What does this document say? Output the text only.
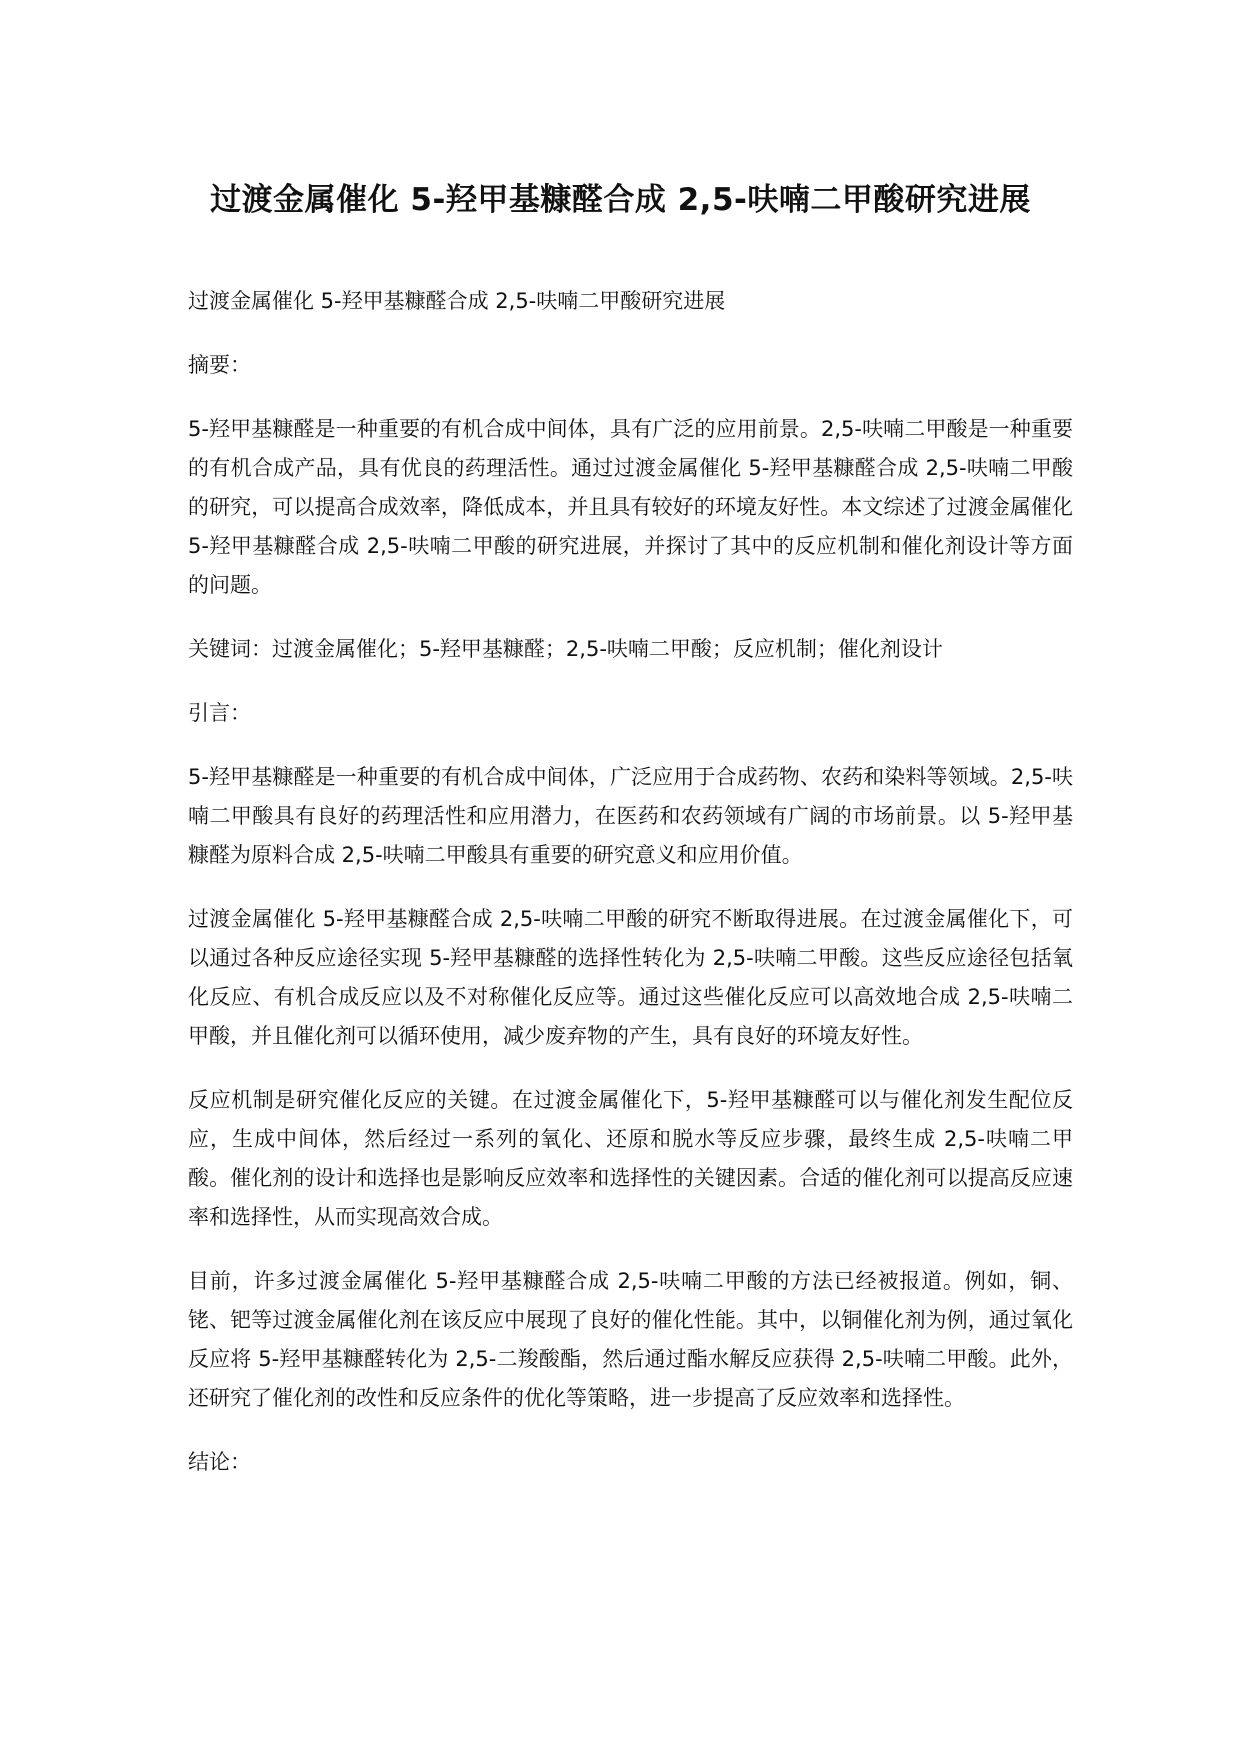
过渡金属催化 5-羟甲基糠醛合成 2,5-呋喃二甲酸研究进展

过渡金属催化 5-羟甲基糠醛合成 2,5-呋喃二甲酸研究进展

摘要：

5-羟甲基糠醛是一种重要的有机合成中间体，具有广泛的应用前景。2,5-呋喃二甲酸是一种重要的有机合成产品，具有优良的药理活性。通过过渡金属催化 5-羟甲基糠醛合成 2,5-呋喃二甲酸的研究，可以提高合成效率，降低成本，并且具有较好的环境友好性。本文综述了过渡金属催化 5-羟甲基糠醛合成 2,5-呋喃二甲酸的研究进展，并探讨了其中的反应机制和催化剂设计等方面的问题。

关键词：过渡金属催化；5-羟甲基糠醛；2,5-呋喃二甲酸；反应机制；催化剂设计

引言：

5-羟甲基糠醛是一种重要的有机合成中间体，广泛应用于合成药物、农药和染料等领域。2,5-呋喃二甲酸具有良好的药理活性和应用潜力，在医药和农药领域有广阔的市场前景。以 5-羟甲基糠醛为原料合成 2,5-呋喃二甲酸具有重要的研究意义和应用价值。

过渡金属催化 5-羟甲基糠醛合成 2,5-呋喃二甲酸的研究不断取得进展。在过渡金属催化下，可以通过各种反应途径实现 5-羟甲基糠醛的选择性转化为 2,5-呋喃二甲酸。这些反应途径包括氧化反应、有机合成反应以及不对称催化反应等。通过这些催化反应可以高效地合成 2,5-呋喃二甲酸，并且催化剂可以循环使用，减少废弃物的产生，具有良好的环境友好性。

反应机制是研究催化反应的关键。在过渡金属催化下，5-羟甲基糠醛可以与催化剂发生配位反应，生成中间体，然后经过一系列的氧化、还原和脱水等反应步骤，最终生成 2,5-呋喃二甲酸。催化剂的设计和选择也是影响反应效率和选择性的关键因素。合适的催化剂可以提高反应速率和选择性，从而实现高效合成。

目前，许多过渡金属催化 5-羟甲基糠醛合成 2,5-呋喃二甲酸的方法已经被报道。例如，铜、铑、钯等过渡金属催化剂在该反应中展现了良好的催化性能。其中，以铜催化剂为例，通过氧化反应将 5-羟甲基糠醛转化为 2,5-二羧酸酯，然后通过酯水解反应获得 2,5-呋喃二甲酸。此外，还研究了催化剂的改性和反应条件的优化等策略，进一步提高了反应效率和选择性。

结论：
